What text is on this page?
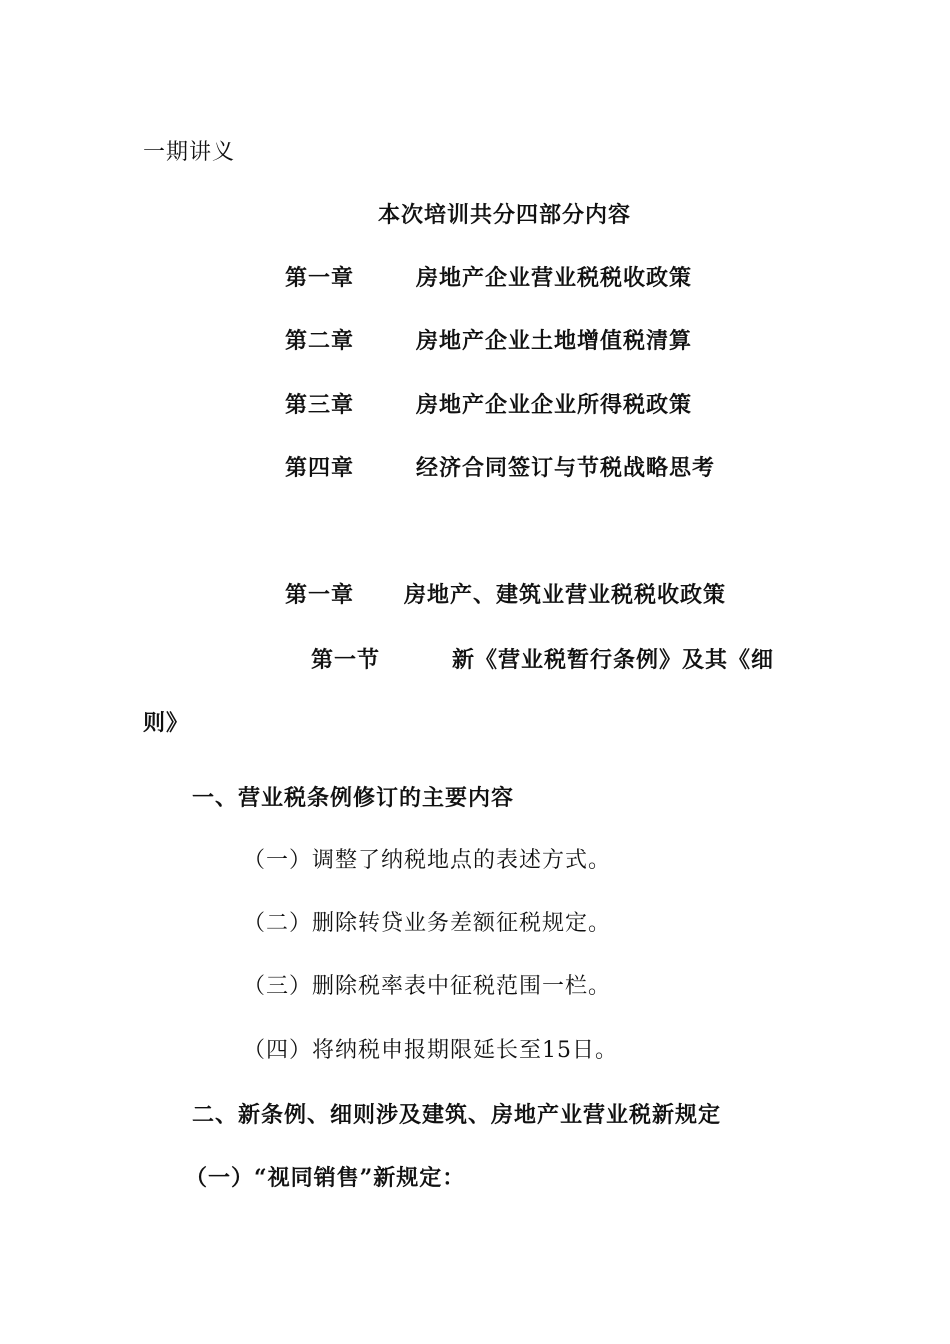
一期讲义
本次培训共分四部分内容
第一章	房地产企业营业税税收政策
第二章	房地产企业土地增值税清算
第三章	房地产企业企业所得税政策
第四章	经济合同签订与节税战略思考
第一章 房地产、建筑业营业税税收政策
第一节	新《营业税暂行条例》及其《细
则》
一、营业税条例修订的主要内容
（一）调整了纳税地点的表述方式。
（二）删除转贷业务差额征税规定。
（三）删除税率表中征税范围一栏。
（四）将纳税申报期限延长至15日。
二、新条例、细则涉及建筑、房地产业营业税新规定
（一）“视同销售”新规定：
